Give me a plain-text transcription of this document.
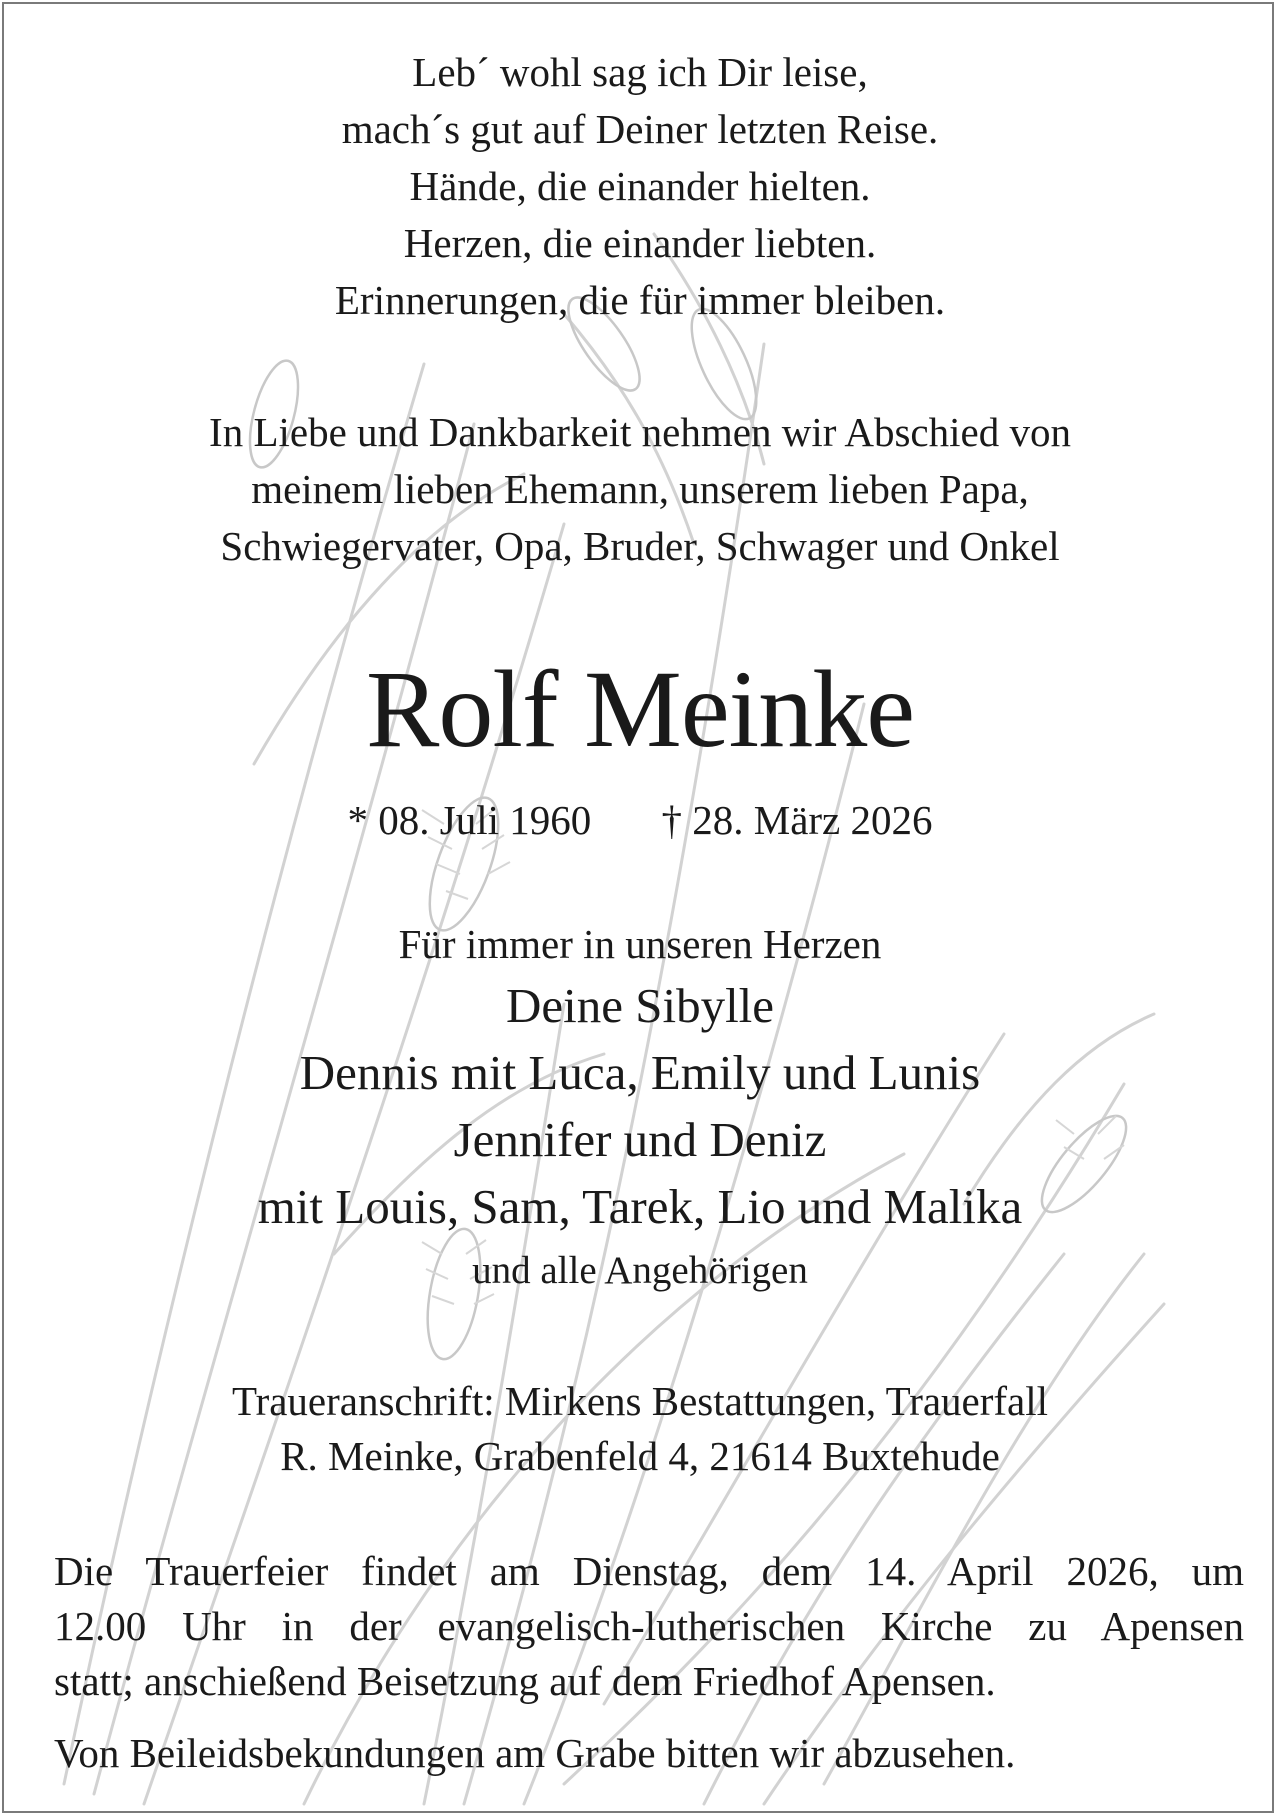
Leb´ wohl sag ich Dir leise,
mach´s gut auf Deiner letzten Reise.
Hände, die einander hielten.
Herzen, die einander liebten.
Erinnerungen, die für immer bleiben.
In Liebe und Dankbarkeit nehmen wir Abschied von
meinem lieben Ehemann, unserem lieben Papa,
Schwiegervater, Opa, Bruder, Schwager und Onkel
Rolf Meinke
* 08. Juli 1960 † 28. März 2026
Für immer in unseren Herzen
Deine Sibylle
Dennis mit Luca, Emily und Lunis
Jennifer und Deniz
mit Louis, Sam, Tarek, Lio und Malika
und alle Angehörigen
Traueranschrift: Mirkens Bestattungen, Trauerfall
R. Meinke, Grabenfeld 4, 21614 Buxtehude
Die Trauerfeier findet am Dienstag, dem 14. April 2026, um
12.00 Uhr in der evangelisch-lutherischen Kirche zu Apensen
statt; anschießend Beisetzung auf dem Friedhof Apensen.
Von Beileidsbekundungen am Grabe bitten wir abzusehen.
